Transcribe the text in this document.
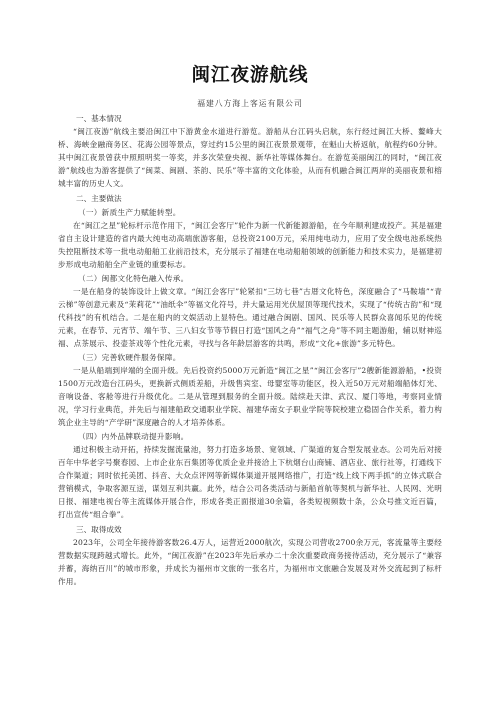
闽江夜游航线
福建八方海上客运有限公司
一、基本情况

“闽江夜游”航线主要沿闽江中下游黄金水道进行游览。游船从台江码头启航，东行经过闽江大桥、鳌峰大桥、海峡金融商务区、花海公园等景点，穿过约15公里的闽江夜景景观带，在魁山大桥返航，航程约60分钟。其中闽江夜景曾获中照照明奖一等奖，并多次荣登央视、新华社等媒体舞台。在游览美丽闽江的同时，“闽江夜游”航线也为游客提供了“闽菜、闽剧、茶韵、民乐”等丰富的文化体验，从而有机融合闽江两岸的美丽夜景和榕城丰富的历史人文。

二、主要做法
（一）新质生产力赋能转型。

在“闽江之星”轮标杆示范作用下，“闽江会客厅”轮作为新一代新能源游船，在今年顺利建成投产。其是福建省自主设计建造的省内最大纯电动高端旅游客船，总投资2100万元，采用纯电动力，应用了安全级电池系统热失控阻断技术等一批电动船舶工业前沿技术，充分展示了福建在电动船舶领域的创新能力和技术实力，是福建初步形成电动船舶全产业链的重要标志。

（二）闽都文化特色融入传承。

一是在船身的装饰设计上做文章。“闽江会客厅”轮紧扣“三坊七巷”古厝文化特色，深度融合了“马鞍墙”“青云梯”等创意元素及“茉莉花”“油纸伞”等福文化符号，并大量运用光伏屋顶等现代技术，实现了“传统古韵”和“现代科技”的有机结合。二是在船内的文娱活动上显特色。通过融合闽剧、国风、民乐等人民群众喜闻乐见的传统元素，在春节、元宵节、端午节、三八妇女节等节假日打造“国风之舟”“福气之舟”等不同主题游船，辅以财神巡福、点茶展示、投壶茶戏等个性化元素，寻找与各年龄层游客的共鸣，形成“文化+旅游”多元特色。

（三）完善软硬件服务保障。

一是从船端到岸端的全面升级。先后投资约5000万元新造“闽江之星”“闽江会客厅”2艘新能源游船，•投资1500万元改造台江码头，更换新式侧质差船，升级售宾室、母婴室等功能区，投入近50万元对船端船体灯光、音响设备、客舱等进行升级优化。二是从管理到服务的全面升级。陆续赴天津、武汉、厦门等地，考察同业情况，学习行业典范，并先后与福建船政交通职业学院、福建华南女子职业学院等院校建立稳固合作关系，着力构筑企业主导的“产学研”深度融合的人才培养体系。

（四）内外品牌联动提升影响。

通过积极主动开拓，持续发掘流量池，努力打造多场景、宽领域、广渠道的复合型发展业态。公司先后对接百年中华老字号聚春园、上市企业东百集团等优质企业并接洽上下杭烟台山商铺、酒店业、旅行社等，打通线下合作渠道；同时依托美团、抖音、大众点评网等新媒体渠道开展网络推广，打造“线上线下两手抓”的立体式联合营销模式，争取客源互送，谋划互利共赢。此外，结合公司各类活动与新船首航等契机与新华社、人民网、光明日报、福建电视台等主流媒体开展合作，形成各类正面报道30余篇，各类短视频数十条，公众号推文近百篇，打出宣传“组合拳”。

三、取得成效

2023年，公司全年接待游客数26.4万人，运营近2000航次，实现公司营收2700余万元，客流量等主要经营数据实现跨越式增长。此外，“闽江夜游”在2023年先后承办二十余次重要政商务接待活动，充分展示了“兼容并蓄，海纳百川”的城市形象，并成长为福州市文旅的一张名片，为福州市文旅融合发展及对外交流起到了标杆作用。
